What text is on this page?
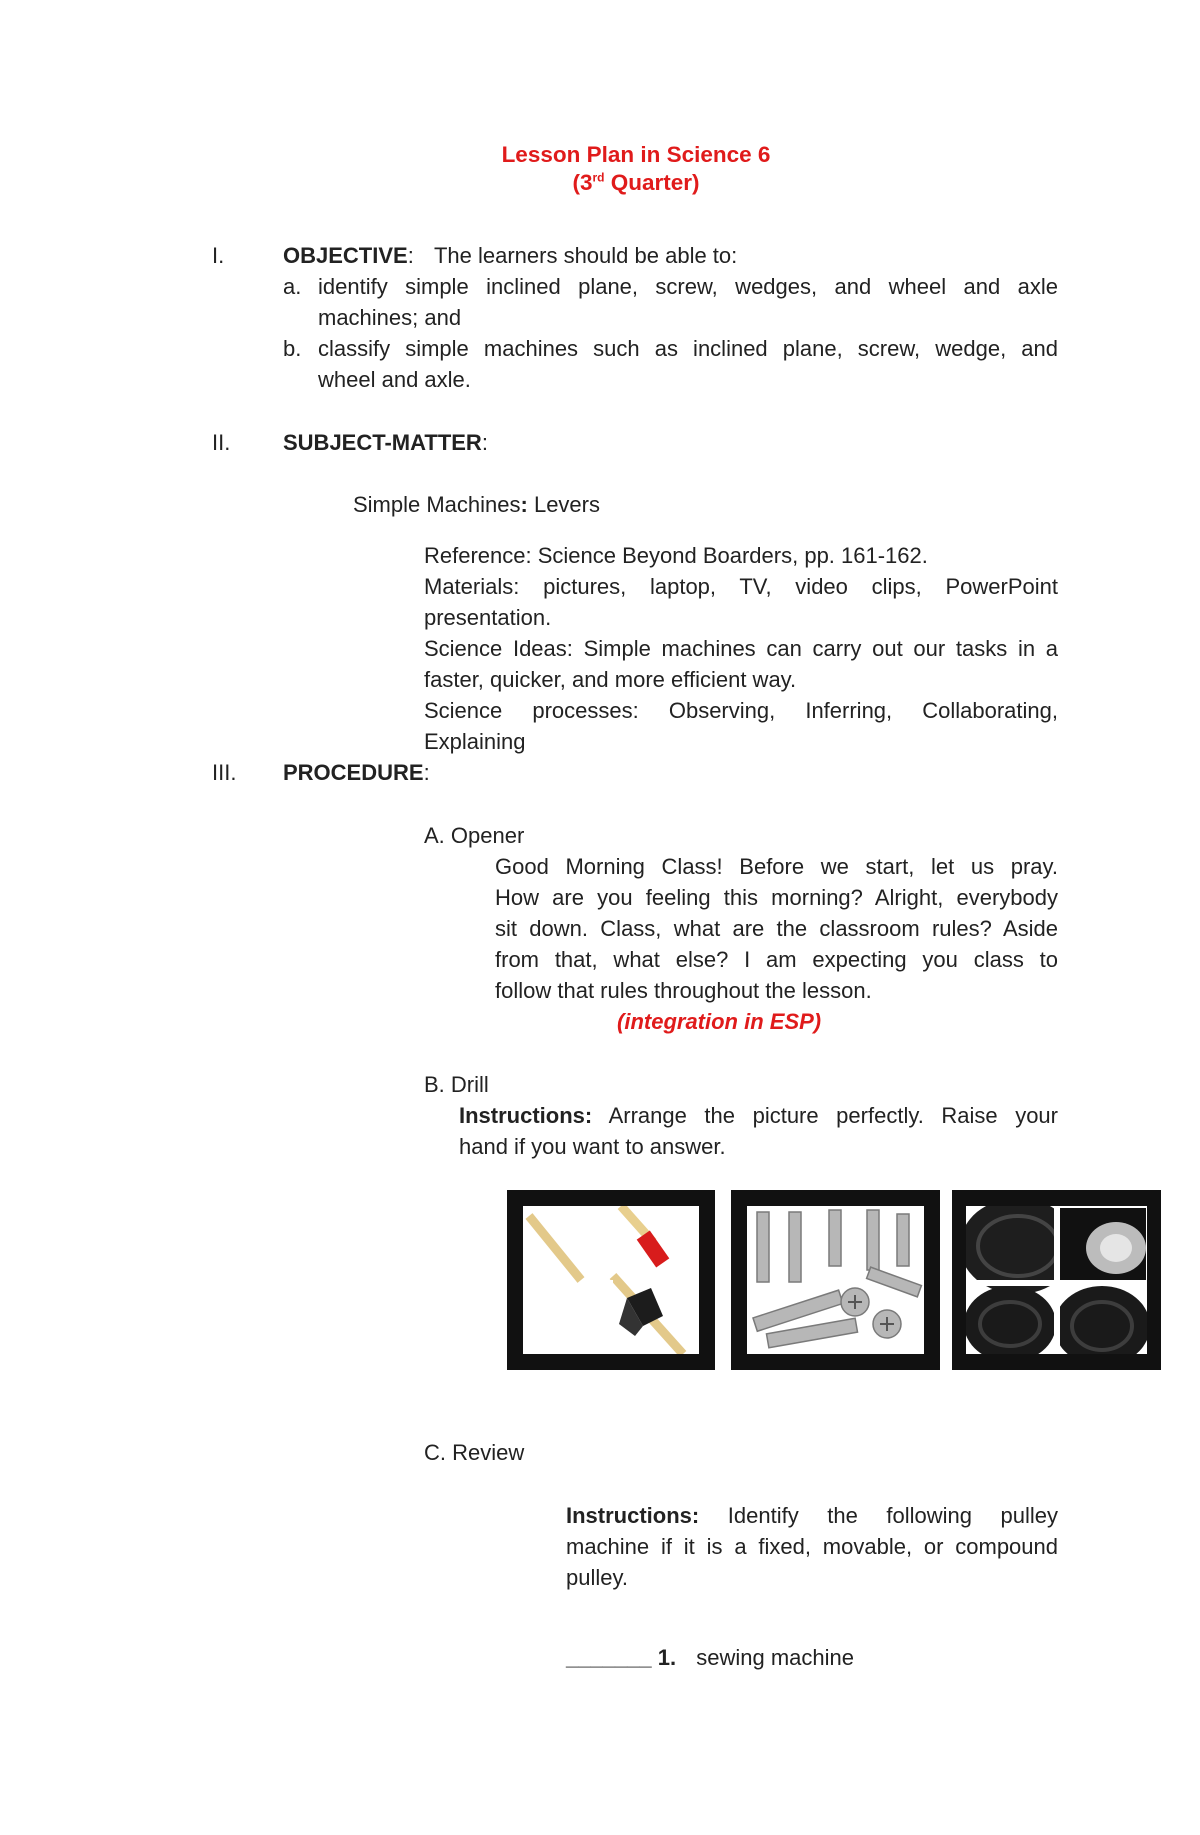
Lesson Plan in Science 6
(3rd Quarter)
I.	OBJECTIVE: The learners should be able to:
a. identify simple inclined plane, screw, wedges, and wheel and axle
machines; and
b. classify simple machines such as inclined plane, screw, wedge, and
wheel and axle.
II. SUBJECT-MATTER:
Simple Machines: Levers
Reference: Science Beyond Boarders, pp. 161-162.
Materials: pictures, laptop, TV, video clips, PowerPoint
presentation.
Science Ideas: Simple machines can carry out our tasks in a
faster, quicker, and more efficient way.
Science processes: Observing, Inferring, Collaborating,
Explaining
III. PROCEDURE:
A. Opener
Good Morning Class! Before we start, let us pray.
How are you feeling this morning? Alright, everybody
sit down. Class, what are the classroom rules? Aside
from that, what else? I am expecting you class to
follow that rules throughout the lesson.
(integration in ESP)
B. Drill
Instructions: Arrange the picture perfectly. Raise your
hand if you want to answer.
C. Review
Instructions: Identify the following pulley
machine if it is a fixed, movable, or compound
pulley.
_______ 1. sewing machine
